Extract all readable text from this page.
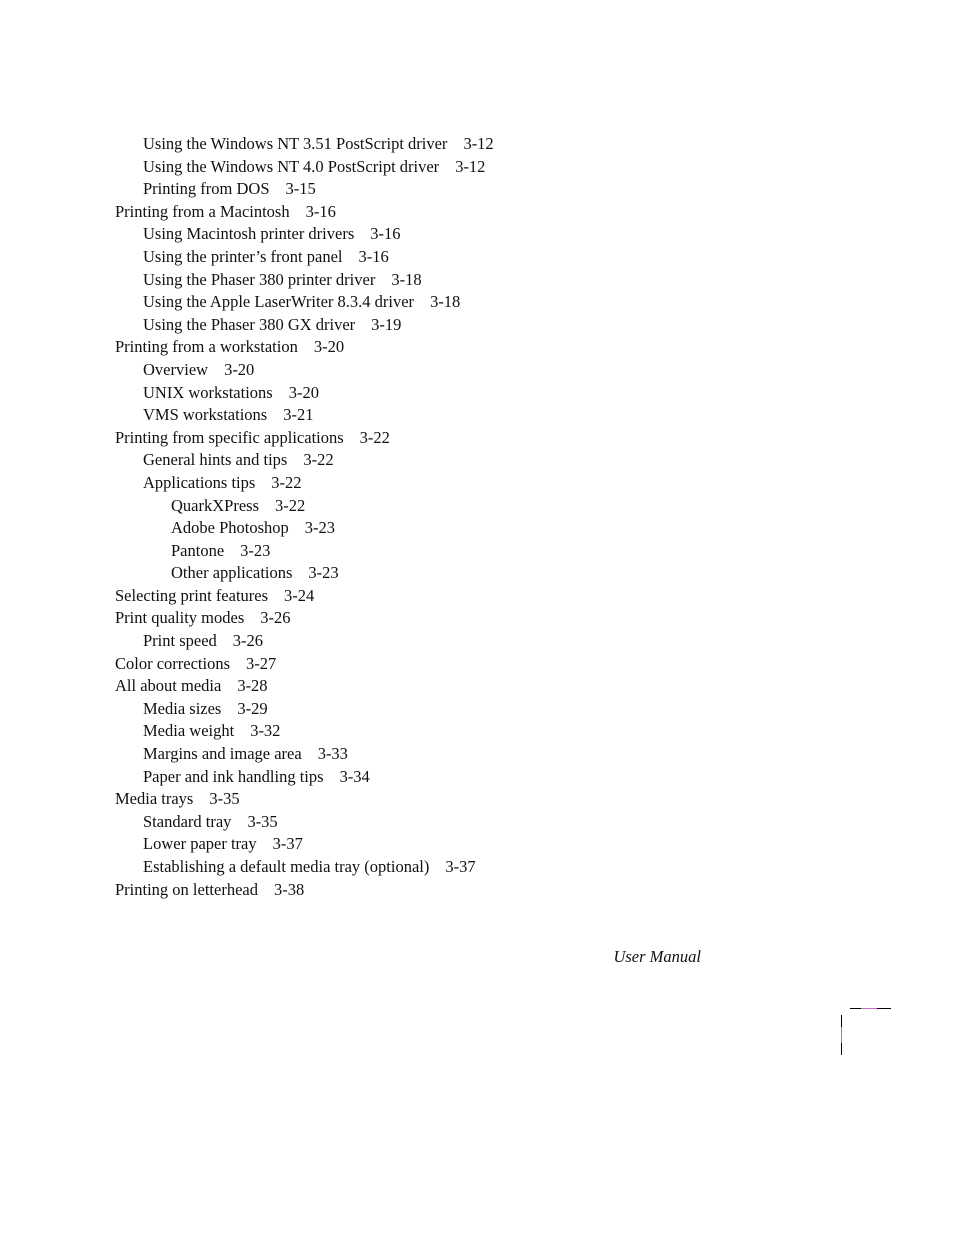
Using the Windows NT 3.51 PostScript driver 3-12
Using the Windows NT 4.0 PostScript driver 3-12
Printing from DOS 3-15
Printing from a Macintosh 3-16
Using Macintosh printer drivers 3-16
Using the printer’s front panel 3-16
Using the Phaser 380 printer driver 3-18
Using the Apple LaserWriter 8.3.4 driver 3-18
Using the Phaser 380 GX driver 3-19
Printing from a workstation 3-20
Overview 3-20
UNIX workstations 3-20
VMS workstations 3-21
Printing from specific applications 3-22
General hints and tips 3-22
Applications tips 3-22
QuarkXPress 3-22
Adobe Photoshop 3-23
Pantone 3-23
Other applications 3-23
Selecting print features 3-24
Print quality modes 3-26
Print speed 3-26
Color corrections 3-27
All about media 3-28
Media sizes 3-29
Media weight 3-32
Margins and image area 3-33
Paper and ink handling tips 3-34
Media trays 3-35
Standard tray 3-35
Lower paper tray 3-37
Establishing a default media tray (optional) 3-37
Printing on letterhead 3-38
User Manual
